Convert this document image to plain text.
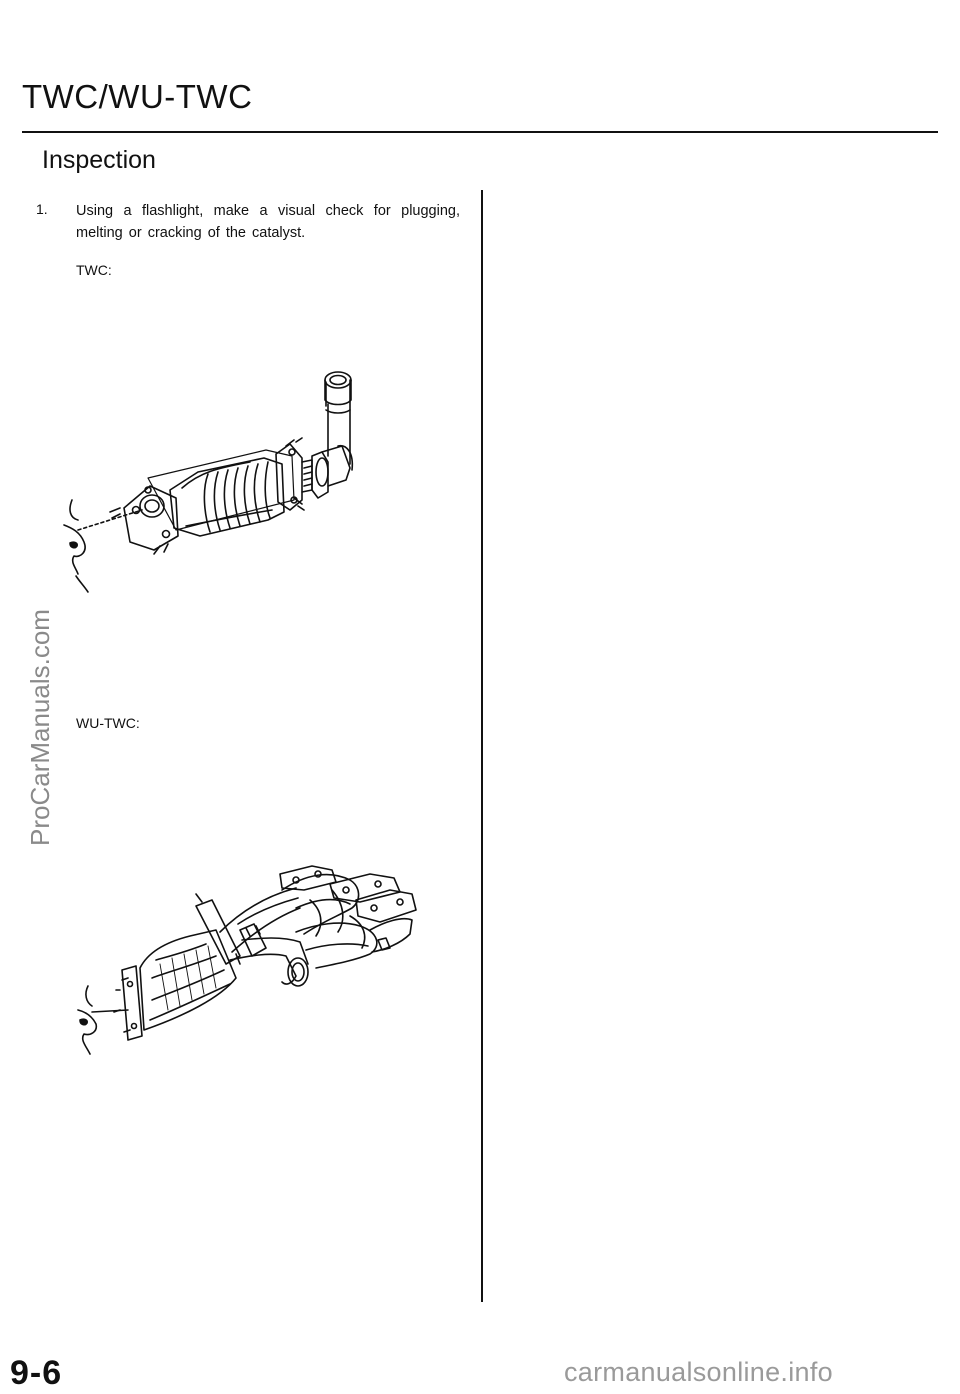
TWC/WU-TWC
Inspection
1. Using a flashlight, make a visual check for plugging, melting or cracking of the catalyst.
TWC:
WU-TWC:
ProCarManuals.com
9-6	carmanualsonline.info
